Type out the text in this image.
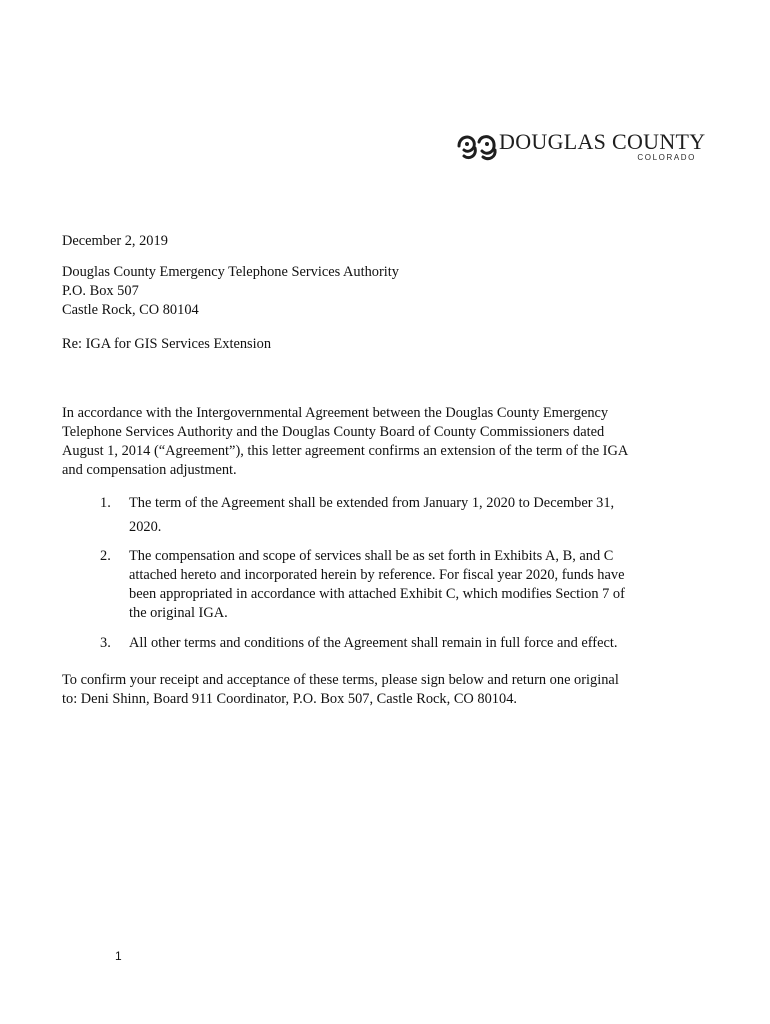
DOUGLAS COUNTY
COLORADO
December 2, 2019
Douglas County Emergency Telephone Services Authority
P.O. Box 507
Castle Rock, CO 80104
Re: IGA for GIS Services Extension
In accordance with the Intergovernmental Agreement between the Douglas County Emergency
Telephone Services Authority and the Douglas County Board of County Commissioners dated
August 1, 2014 (“Agreement”), this letter agreement confirms an extension of the term of the IGA
and compensation adjustment.
1. The term of the Agreement shall be extended from January 1, 2020 to December 31,
2020.
2. The compensation and scope of services shall be as set forth in Exhibits A, B, and C
attached hereto and incorporated herein by reference. For fiscal year 2020, funds have
been appropriated in accordance with attached Exhibit C, which modifies Section 7 of
the original IGA.
3. All other terms and conditions of the Agreement shall remain in full force and effect.
To confirm your receipt and acceptance of these terms, please sign below and return one original
to: Deni Shinn, Board 911 Coordinator, P.O. Box 507, Castle Rock, CO 80104.
1
